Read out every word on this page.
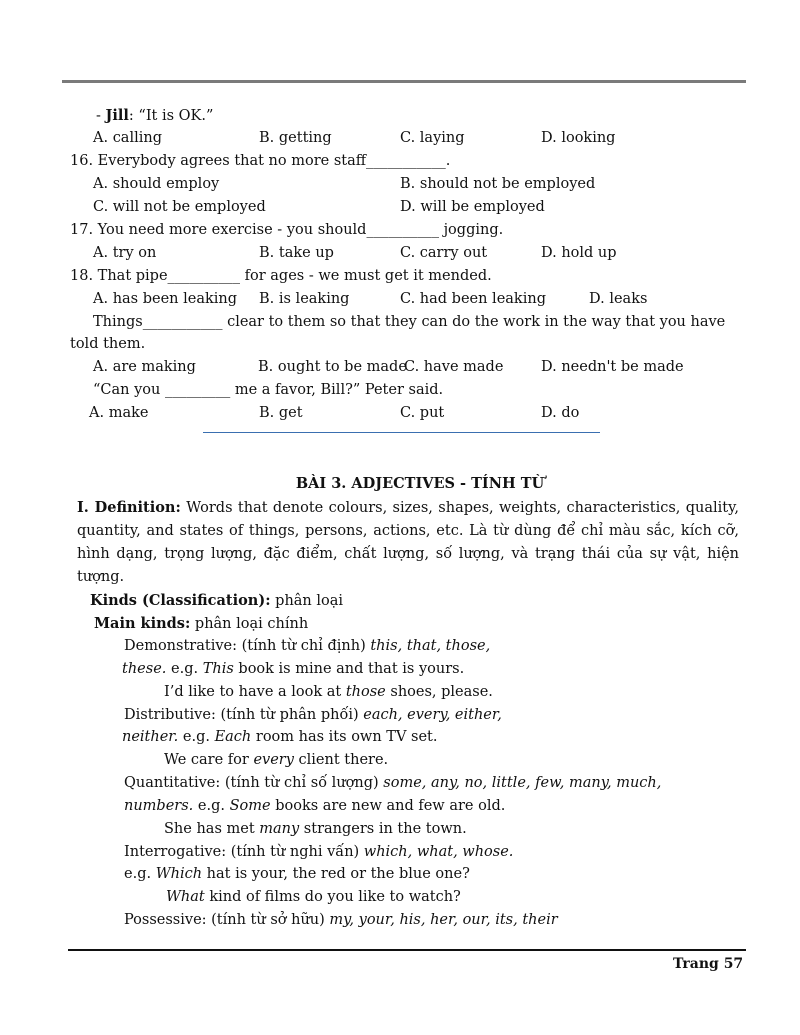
- Jill: “It is OK.”
A. calling	B. getting	C. laying	D. looking
16. Everybody agrees that no more staff___________.
A. should employ	B. should not be employed
C. will not be employed	D. will be employed
17. You need more exercise - you should__________ jogging.
A. try on	B. take up	C. carry out	D. hold up
18. That pipe__________ for ages - we must get it mended.
A. has been leaking B. is leaking	C. had been leaking	D. leaks
Things___________ clear to them so that they can do the work in the way that you have
told them.
A. are making	B. ought to be made
C. have made	D. needn't be made
“Can you _________ me a favor, Bill?” Peter said.
A. make	B. get	C. put	D. do
BÀI 3. ADJECTIVES - TÍNH TỪ
I. Definition: Words that denote colours, sizes, shapes, weights, characteristics, quality, quantity, and states of things, persons, actions, etc. Là từ dùng để chỉ màu sắc, kích cỡ, hình dạng, trọng lượng, đặc điểm, chất lượng, số lượng, và trạng thái của sự vật, hiện tượng.
Kinds (Classification): phân loại
Main kinds: phân loại chính
Demonstrative: (tính từ chỉ định) this, that, those,
these. e.g. This book is mine and that is yours.
I’d like to have a look at those shoes, please.
Distributive: (tính từ phân phối) each, every, either,
neither. e.g. Each room has its own TV set.
We care for every client there.
Quantitative: (tính từ chỉ số lượng) some, any, no, little, few, many, much,
numbers. e.g. Some books are new and few are old.
She has met many strangers in the town.
Interrogative: (tính từ nghi vấn) which, what, whose.
e.g. Which hat is your, the red or the blue one?
What kind of films do you like to watch?
Possessive: (tính từ sở hữu) my, your, his, her, our, its, their
Trang 57
